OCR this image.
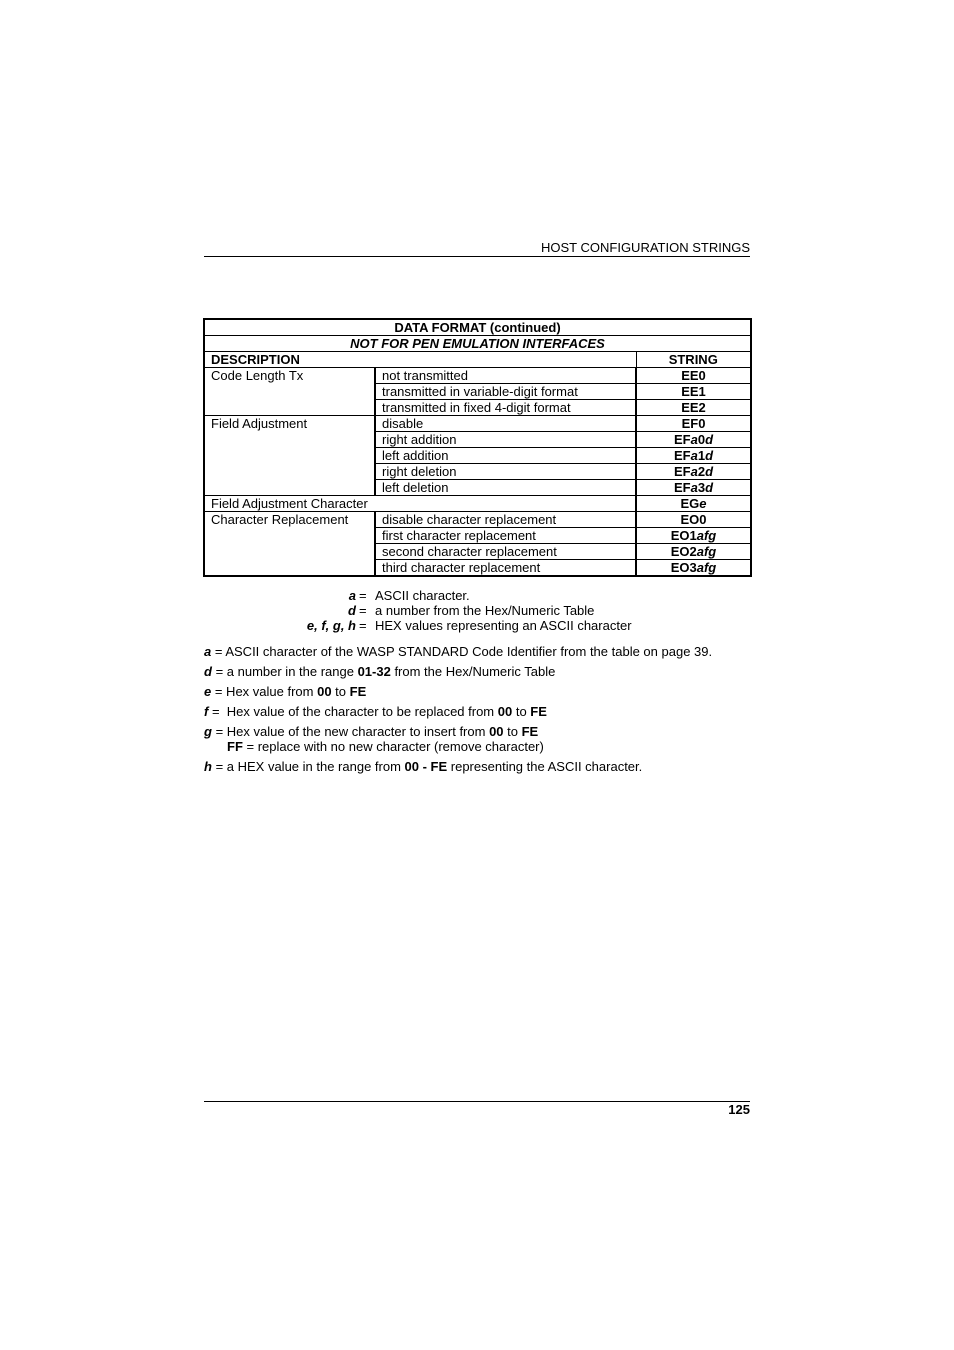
HOST CONFIGURATION STRINGS
DATA FORMAT (continued)		
NOT FOR PEN EMULATION INTERFACES		
DESCRIPTION		STRING
Code Length Tx	not transmitted	EE0
	transmitted in variable-digit format	EE1
	transmitted in fixed 4-digit format	EE2
Field Adjustment	disable	EF0
	right addition	EFa0d
	left addition	EFa1d
	right deletion	EFa2d
	left deletion	EFa3d
Field Adjustment Character		EGe
Character Replacement	disable character replacement	EO0
	first character replacement	EO1afg
	second character replacement	EO2afg
	third character replacement	EO3afg
a = ASCII character.
d = a number from the Hex/Numeric Table
e, f, g, h = HEX values representing an ASCII character
a = ASCII character of the WASP STANDARD Code Identifier from the table on page 39.
d = a number in the range 01-32 from the Hex/Numeric Table
e = Hex value from 00 to FE
f =  Hex value of the character to be replaced from 00 to FE
g = Hex value of the new character to insert from 00 to FE
FF = replace with no new character (remove character)
h = a HEX value in the range from 00 - FE representing the ASCII character.
125
